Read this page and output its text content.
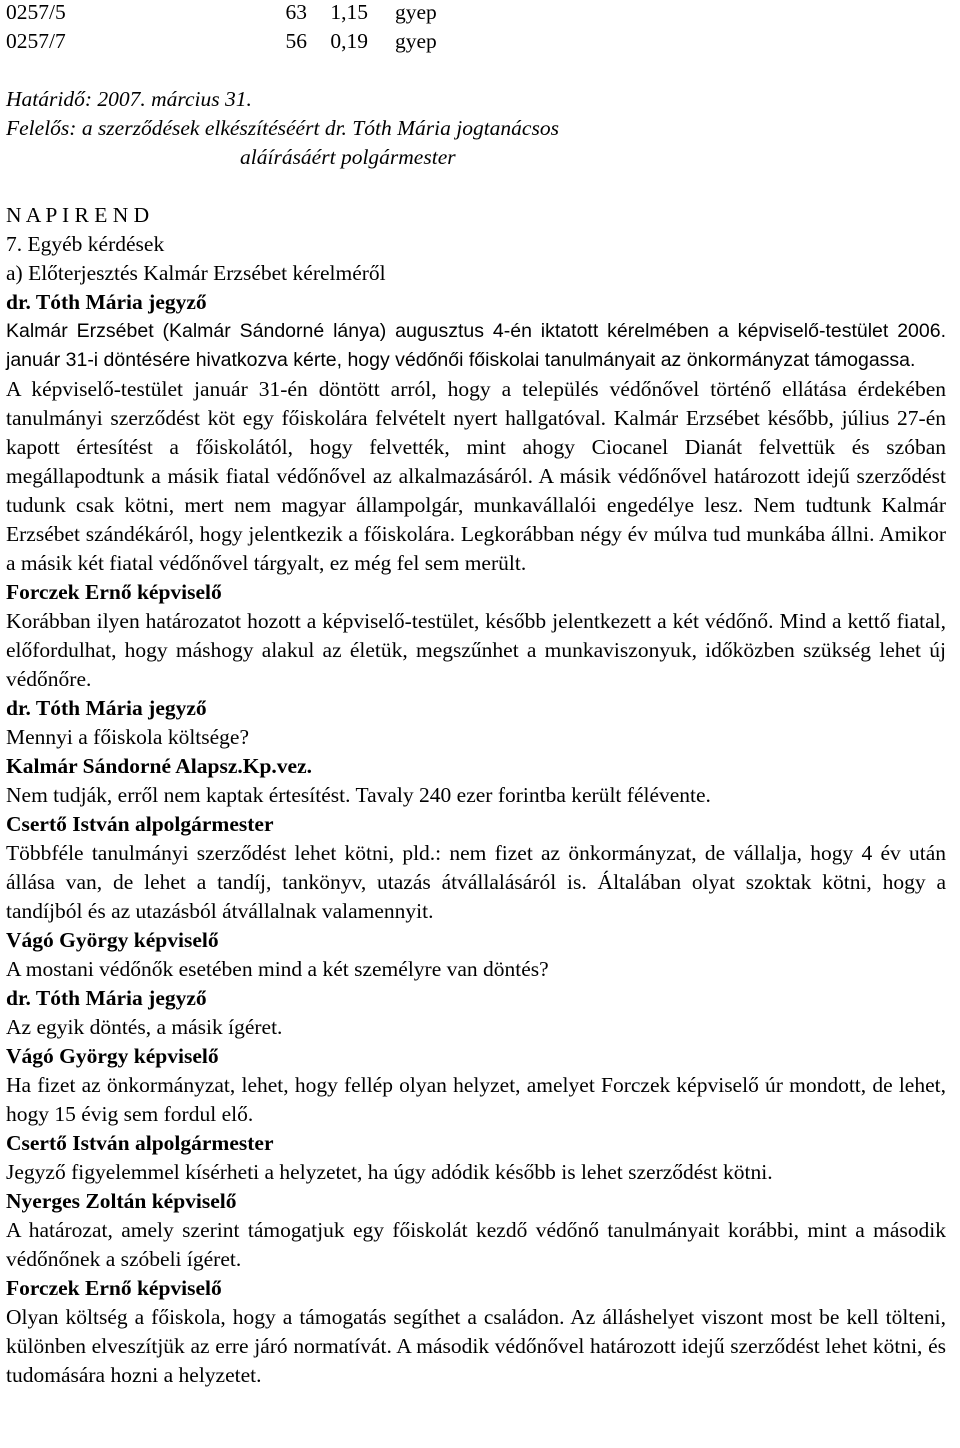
0257/5	63	1,15	gyep
0257/7	56	0,19	gyep
Határidő: 2007. március 31.
Felelős: a szerződések elkészítéséért dr. Tóth Mária jogtanácsos
aláírásáért polgármester
N A P I R E N D
7. Egyéb kérdések
a) Előterjesztés Kalmár Erzsébet kérelméről
dr. Tóth Mária jegyző

Kalmár Erzsébet (Kalmár Sándorné lánya) augusztus 4-én iktatott kérelmében a képviselő-testület 2006. január 31-i döntésére hivatkozva kérte, hogy védőnői főiskolai tanulmányait az önkormányzat támogassa.

A képviselő-testület január 31-én döntött arról, hogy a település védőnővel történő ellátása érdekében tanulmányi szerződést köt egy főiskolára felvételt nyert hallgatóval. Kalmár Erzsébet később, július 27-én kapott értesítést a főiskolától, hogy felvették, mint ahogy Ciocanel Dianát felvettük és szóban megállapodtunk a másik fiatal védőnővel az alkalmazásáról. A másik védőnővel határozott idejű szerződést tudunk csak kötni, mert nem magyar állampolgár, munkavállalói engedélye lesz. Nem tudtunk Kalmár Erzsébet szándékáról, hogy jelentkezik a főiskolára. Legkorábban négy év múlva tud munkába állni. Amikor a másik két fiatal védőnővel tárgyalt, ez még fel sem merült.

Forczek Ernő képviselő

Korábban ilyen határozatot hozott a képviselő-testület, később jelentkezett a két védőnő. Mind a kettő fiatal, előfordulhat, hogy máshogy alakul az életük, megszűnhet a munkaviszonyuk, időközben szükség lehet új védőnőre.

dr. Tóth Mária jegyző

Mennyi a főiskola költsége?

Kalmár Sándorné Alapsz.Kp.vez.

Nem tudják, erről nem kaptak értesítést. Tavaly 240 ezer forintba került félévente.

Csertő István alpolgármester

Többféle tanulmányi szerződést lehet kötni, pld.: nem fizet az önkormányzat, de vállalja, hogy 4 év után állása van, de lehet a tandíj, tankönyv, utazás átvállalásáról is. Általában olyat szoktak kötni, hogy a tandíjból és az utazásból átvállalnak valamennyit.

Vágó György képviselő

A mostani védőnők esetében mind a két személyre van döntés?

dr. Tóth Mária jegyző

Az egyik döntés, a másik ígéret.

Vágó György képviselő

Ha fizet az önkormányzat, lehet, hogy fellép olyan helyzet, amelyet Forczek képviselő úr mondott, de lehet, hogy 15 évig sem fordul elő.

Csertő István alpolgármester

Jegyző figyelemmel kísérheti a helyzetet, ha úgy adódik később is lehet szerződést kötni.

Nyerges Zoltán képviselő

A határozat, amely szerint támogatjuk egy főiskolát kezdő védőnő tanulmányait korábbi, mint a második védőnőnek a szóbeli ígéret.

Forczek Ernő képviselő

Olyan költség a főiskola, hogy a támogatás segíthet a családon. Az álláshelyet viszont most be kell tölteni, különben elveszítjük az erre járó normatívát. A második védőnővel határozott idejű szerződést lehet kötni, és tudomására hozni a helyzetet.
